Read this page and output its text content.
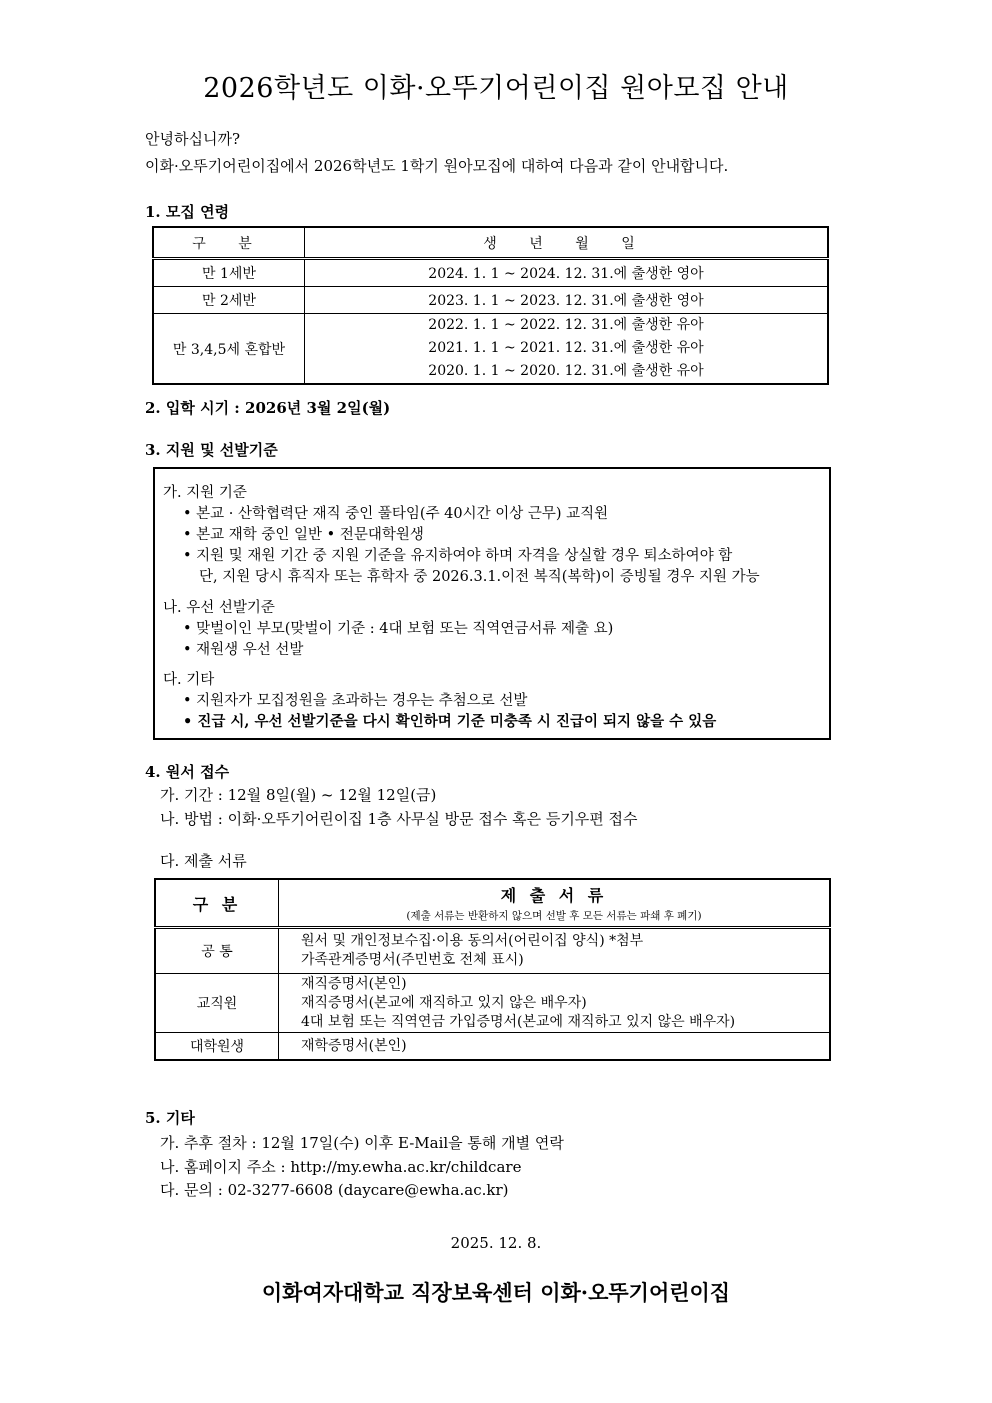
2026학년도 이화·오뚜기어린이집 원아모집 안내
안녕하십니까?
이화·오뚜기어린이집에서 2026학년도 1학기 원아모집에 대하여 다음과 같이 안내합니다.
1. 모집 연령
구 분	생 년 월 일
만 1세반	2024. 1. 1 ~ 2024. 12. 31.에 출생한 영아
만 2세반	2023. 1. 1 ~ 2023. 12. 31.에 출생한 영아
만 3,4,5세 혼합반	2022. 1. 1 ~ 2022. 12. 31.에 출생한 유아
2021. 1. 1 ~ 2021. 12. 31.에 출생한 유아
2020. 1. 1 ~ 2020. 12. 31.에 출생한 유아
2. 입학 시기 : 2026년 3월 2일(월)
3. 지원 및 선발기준
가. 지원 기준
• 본교 · 산학협력단 재직 중인 풀타임(주 40시간 이상 근무) 교직원
• 본교 재학 중인 일반 • 전문대학원생
• 지원 및 재원 기간 중 지원 기준을 유지하여야 하며 자격을 상실할 경우 퇴소하여야 함
단, 지원 당시 휴직자 또는 휴학자 중 2026.3.1.이전 복직(복학)이 증빙될 경우 지원 가능
나. 우선 선발기준
• 맞벌이인 부모(맞벌이 기준 : 4대 보험 또는 직역연금서류 제출 요)
• 재원생 우선 선발
다. 기타
• 지원자가 모집정원을 초과하는 경우는 추첨으로 선발
• 진급 시, 우선 선발기준을 다시 확인하며 기준 미충족 시 진급이 되지 않을 수 있음
4. 원서 접수
가. 기간 : 12월 8일(월) ~ 12월 12일(금)
나. 방법 : 이화·오뚜기어린이집 1층 사무실 방문 접수 혹은 등기우편 접수
다. 제출 서류
구 분	제 출 서 류
(제출 서류는 반환하지 않으며 선발 후 모든 서류는 파쇄 후 폐기)

공 통	원서 및 개인정보수집·이용 동의서(어린이집 양식) *첨부
가족관계증명서(주민번호 전체 표시)

교직원	재직증명서(본인)
재직증명서(본교에 재직하고 있지 않은 배우자)
4대 보험 또는 직역연금 가입증명서(본교에 재직하고 있지 않은 배우자)

대학원생	재학증명서(본인)
5. 기타
가. 추후 절차 : 12월 17일(수) 이후 E-Mail을 통해 개별 연락
나. 홈페이지 주소 : http://my.ewha.ac.kr/childcare
다. 문의 : 02-3277-6608 (daycare@ewha.ac.kr)
2025. 12. 8.
이화여자대학교 직장보육센터 이화·오뚜기어린이집
